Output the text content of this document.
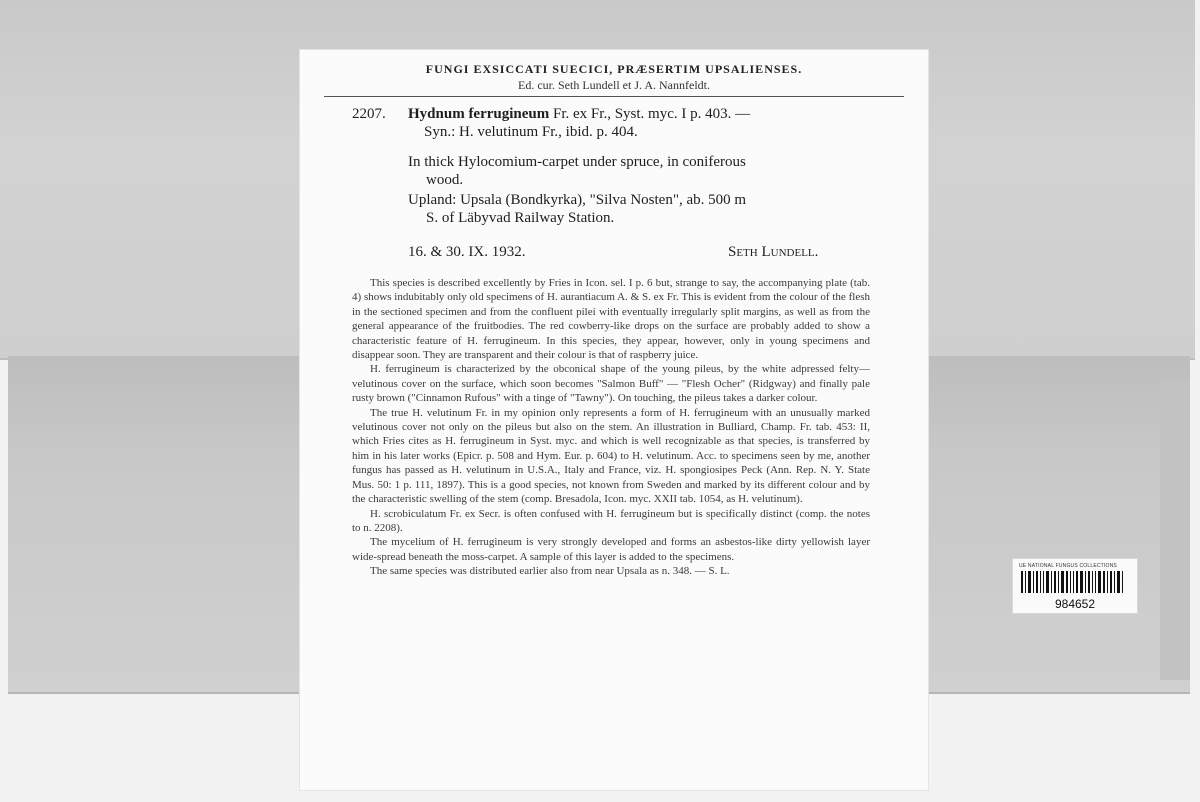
FUNGI EXSICCATI SUECICI, PRÆSERTIM UPSALIENSES.
Ed. cur. Seth Lundell et J. A. Nannfeldt.
2207. Hydnum ferrugineum Fr. ex Fr., Syst. myc. I p. 403. —
Syn.: H. velutinum Fr., ibid. p. 404.
In thick Hylocomium-carpet under spruce, in coniferous
wood.
Upland: Upsala (Bondkyrka), "Silva Nosten", ab. 500 m
S. of Läbyvad Railway Station.
16. & 30. IX. 1932.	Seth Lundell.

This species is described excellently by Fries in Icon. sel. I p. 6 but, strange to say, the accompanying plate (tab. 4) shows indubitably only old specimens of H. aurantiacum A. & S. ex Fr. This is evident from the colour of the flesh in the sectioned specimen and from the confluent pilei with eventually irregularly split margins, as well as from the general appearance of the fruitbodies. The red cowberry-like drops on the surface are probably added to show a characteristic feature of H. ferrugineum. In this species, they appear, however, only in young specimens and disappear soon. They are transparent and their colour is that of raspberry juice.

H. ferrugineum is characterized by the obconical shape of the young pileus, by the white adpressed felty—velutinous cover on the surface, which soon becomes "Salmon Buff" — "Flesh Ocher" (Ridgway) and finally pale rusty brown ("Cinnamon Rufous" with a tinge of "Tawny"). On touching, the pileus takes a darker colour.

The true H. velutinum Fr. in my opinion only represents a form of H. ferrugineum with an unusually marked velutinous cover not only on the pileus but also on the stem. An illustration in Bulliard, Champ. Fr. tab. 453: II, which Fries cites as H. ferrugineum in Syst. myc. and which is well recognizable as that species, is transferred by him in his later works (Epicr. p. 508 and Hym. Eur. p. 604) to H. velutinum. Acc. to specimens seen by me, another fungus has passed as H. velutinum in U.S.A., Italy and France, viz. H. spongiosipes Peck (Ann. Rep. N. Y. State Mus. 50: 1 p. 111, 1897). This is a good species, not known from Sweden and marked by its different colour and by the characteristic swelling of the stem (comp. Bresadola, Icon. myc. XXII tab. 1054, as H. velutinum).

H. scrobiculatum Fr. ex Secr. is often confused with H. ferrugineum but is specifically distinct (comp. the notes to n. 2208).

The mycelium of H. ferrugineum is very strongly developed and forms an asbestos-like dirty yellowish layer wide-spread beneath the moss-carpet. A sample of this layer is added to the specimens.

The same species was distributed earlier also from near Upsala as n. 348. — S. L.	UE NATIONAL FUNGUS COLLECTIONS
984652
